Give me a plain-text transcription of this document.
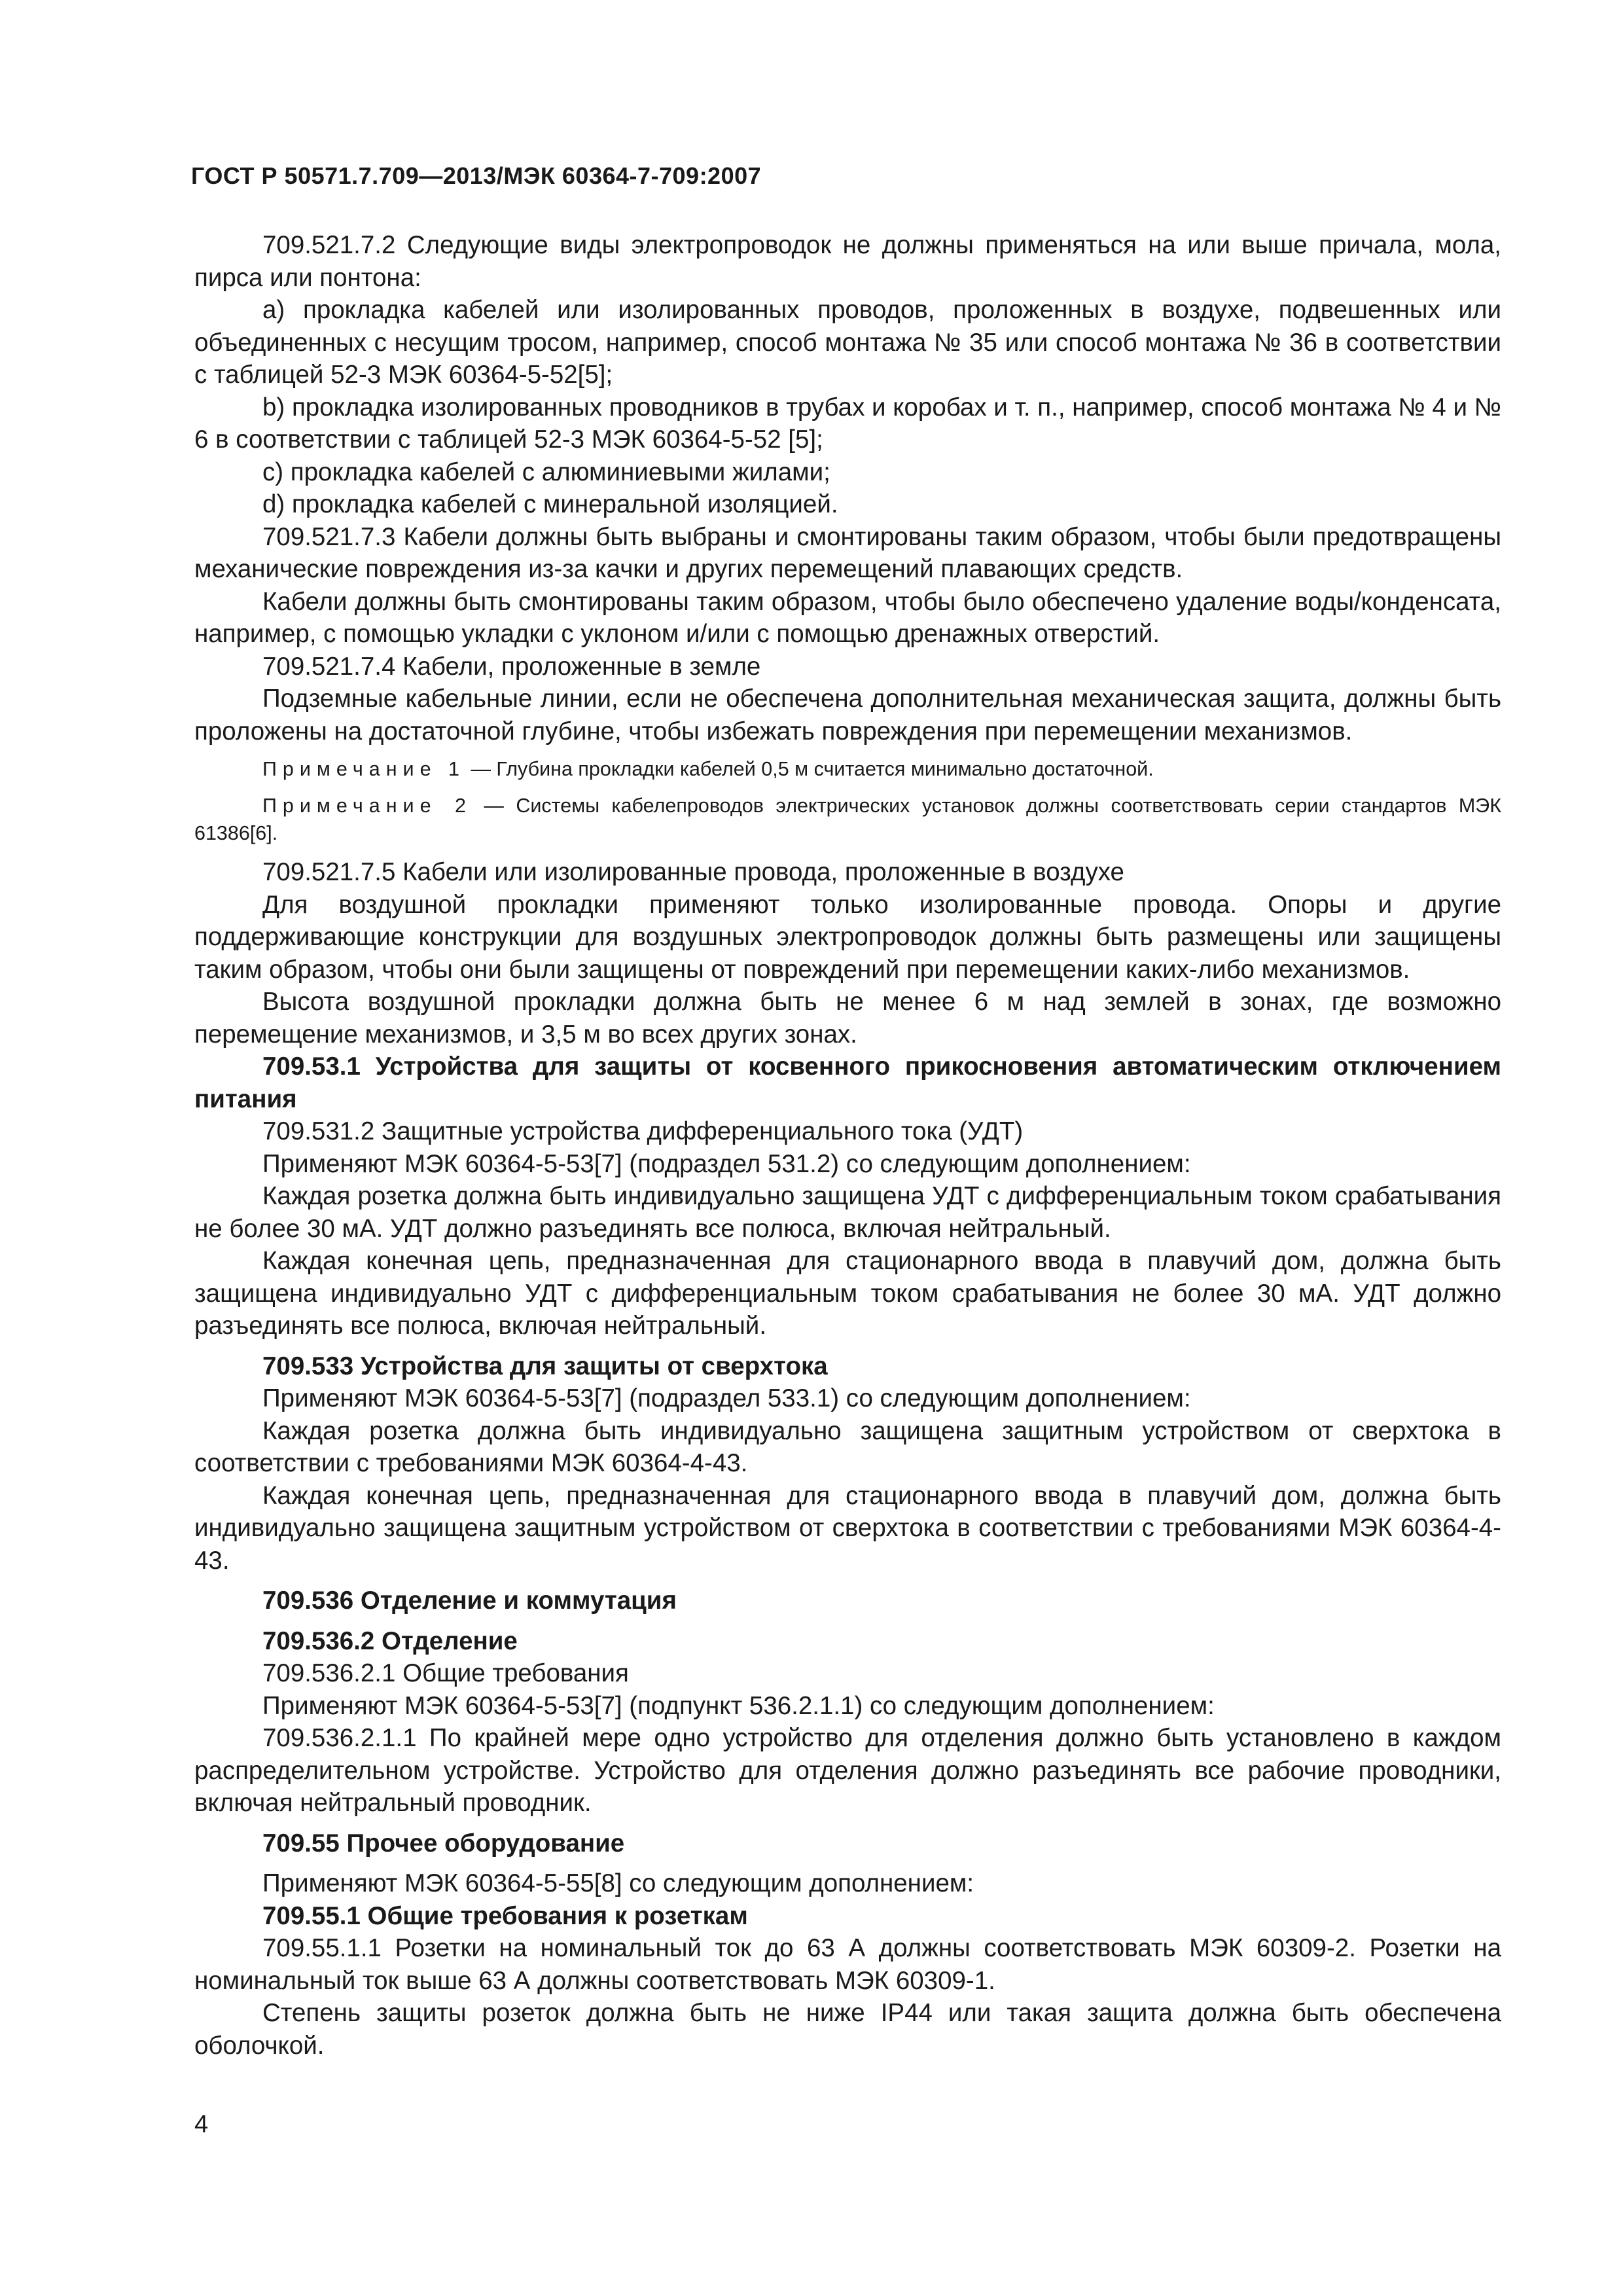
ГОСТ Р 50571.7.709—2013/МЭК 60364-7-709:2007

709.521.7.2 Следующие виды электропроводок не должны применяться на или выше причала, мола, пирса или понтона:

a) прокладка кабелей или изолированных проводов, проложенных в воздухе, подвешенных или объединенных с несущим тросом, например, способ монтажа № 35 или способ монтажа № 36 в соответствии с таблицей 52-3 МЭК 60364-5-52[5];

b) прокладка изолированных проводников в трубах и коробах и т. п., например, способ монтажа № 4 и № 6 в соответствии с таблицей 52-3 МЭК 60364-5-52 [5];

c) прокладка кабелей с алюминиевыми жилами;

d) прокладка кабелей с минеральной изоляцией.

709.521.7.3 Кабели должны быть выбраны и смонтированы таким образом, чтобы были предотвращены механические повреждения из-за качки и других перемещений плавающих средств.

Кабели должны быть смонтированы таким образом, чтобы было обеспечено удаление воды/конденсата, например, с помощью укладки с уклоном и/или с помощью дренажных отверстий.

709.521.7.4 Кабели, проложенные в земле

Подземные кабельные линии, если не обеспечена дополнительная механическая защита, должны быть проложены на достаточной глубине, чтобы избежать повреждения при перемещении механизмов.

Примечание 1 — Глубина прокладки кабелей 0,5 м считается минимально достаточной.

Примечание 2 — Системы кабелепроводов электрических установок должны соответствовать серии стандартов МЭК 61386[6].

709.521.7.5 Кабели или изолированные провода, проложенные в воздухе

Для воздушной прокладки применяют только изолированные провода. Опоры и другие поддерживающие конструкции для воздушных электропроводок должны быть размещены или защищены таким образом, чтобы они были защищены от повреждений при перемещении каких-либо механизмов.

Высота воздушной прокладки должна быть не менее 6 м над землей в зонах, где возможно перемещение механизмов, и 3,5 м во всех других зонах.

709.53.1 Устройства для защиты от косвенного прикосновения автоматическим отключением питания

709.531.2 Защитные устройства дифференциального тока (УДТ)

Применяют МЭК 60364-5-53[7] (подраздел 531.2) со следующим дополнением:

Каждая розетка должна быть индивидуально защищена УДТ с дифференциальным током срабатывания не более 30 мА. УДТ должно разъединять все полюса, включая нейтральный.

Каждая конечная цепь, предназначенная для стационарного ввода в плавучий дом, должна быть защищена индивидуально УДТ с дифференциальным током срабатывания не более 30 мА. УДТ должно разъединять все полюса, включая нейтральный.

709.533 Устройства для защиты от сверхтока

Применяют МЭК 60364-5-53[7] (подраздел 533.1) со следующим дополнением:

Каждая розетка должна быть индивидуально защищена защитным устройством от сверхтока в соответствии с требованиями МЭК 60364-4-43.

Каждая конечная цепь, предназначенная для стационарного ввода в плавучий дом, должна быть индивидуально защищена защитным устройством от сверхтока в соответствии с требованиями МЭК 60364-4-43.

709.536 Отделение и коммутация

709.536.2 Отделение

709.536.2.1 Общие требования

Применяют МЭК 60364-5-53[7] (подпункт 536.2.1.1) со следующим дополнением:

709.536.2.1.1 По крайней мере одно устройство для отделения должно быть установлено в каждом распределительном устройстве. Устройство для отделения должно разъединять все рабочие проводники, включая нейтральный проводник.

709.55 Прочее оборудование

Применяют МЭК 60364-5-55[8] со следующим дополнением:

709.55.1 Общие требования к розеткам

709.55.1.1 Розетки на номинальный ток до 63 А должны соответствовать МЭК 60309-2. Розетки на номинальный ток выше 63 А должны соответствовать МЭК 60309-1.

Степень защиты розеток должна быть не ниже IP44 или такая защита должна быть обеспечена оболочкой.

4
